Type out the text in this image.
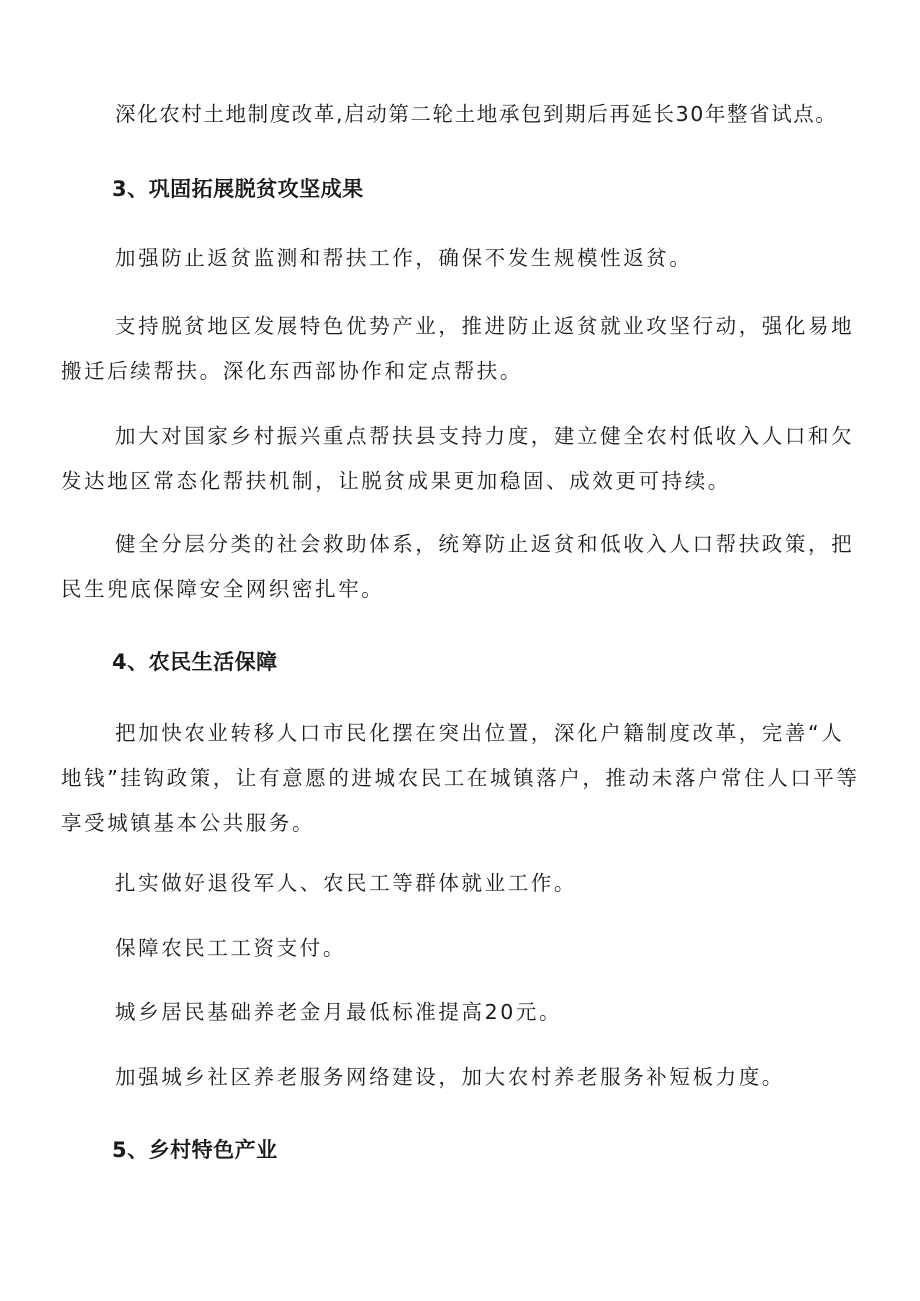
深化农村土地制度改革,启动第二轮土地承包到期后再延长30年整省试点。

3、巩固拓展脱贫攻坚成果

加强防止返贫监测和帮扶工作，确保不发生规模性返贫。

支持脱贫地区发展特色优势产业，推进防止返贫就业攻坚行动，强化易地搬迁后续帮扶。深化东西部协作和定点帮扶。

加大对国家乡村振兴重点帮扶县支持力度，建立健全农村低收入人口和欠发达地区常态化帮扶机制，让脱贫成果更加稳固、成效更可持续。

健全分层分类的社会救助体系，统筹防止返贫和低收入人口帮扶政策，把民生兜底保障安全网织密扎牢。

4、农民生活保障

把加快农业转移人口市民化摆在突出位置，深化户籍制度改革，完善“人地钱”挂钩政策，让有意愿的进城农民工在城镇落户，推动未落户常住人口平等享受城镇基本公共服务。

扎实做好退役军人、农民工等群体就业工作。

保障农民工工资支付。

城乡居民基础养老金月最低标准提高20元。

加强城乡社区养老服务网络建设，加大农村养老服务补短板力度。

5、乡村特色产业
